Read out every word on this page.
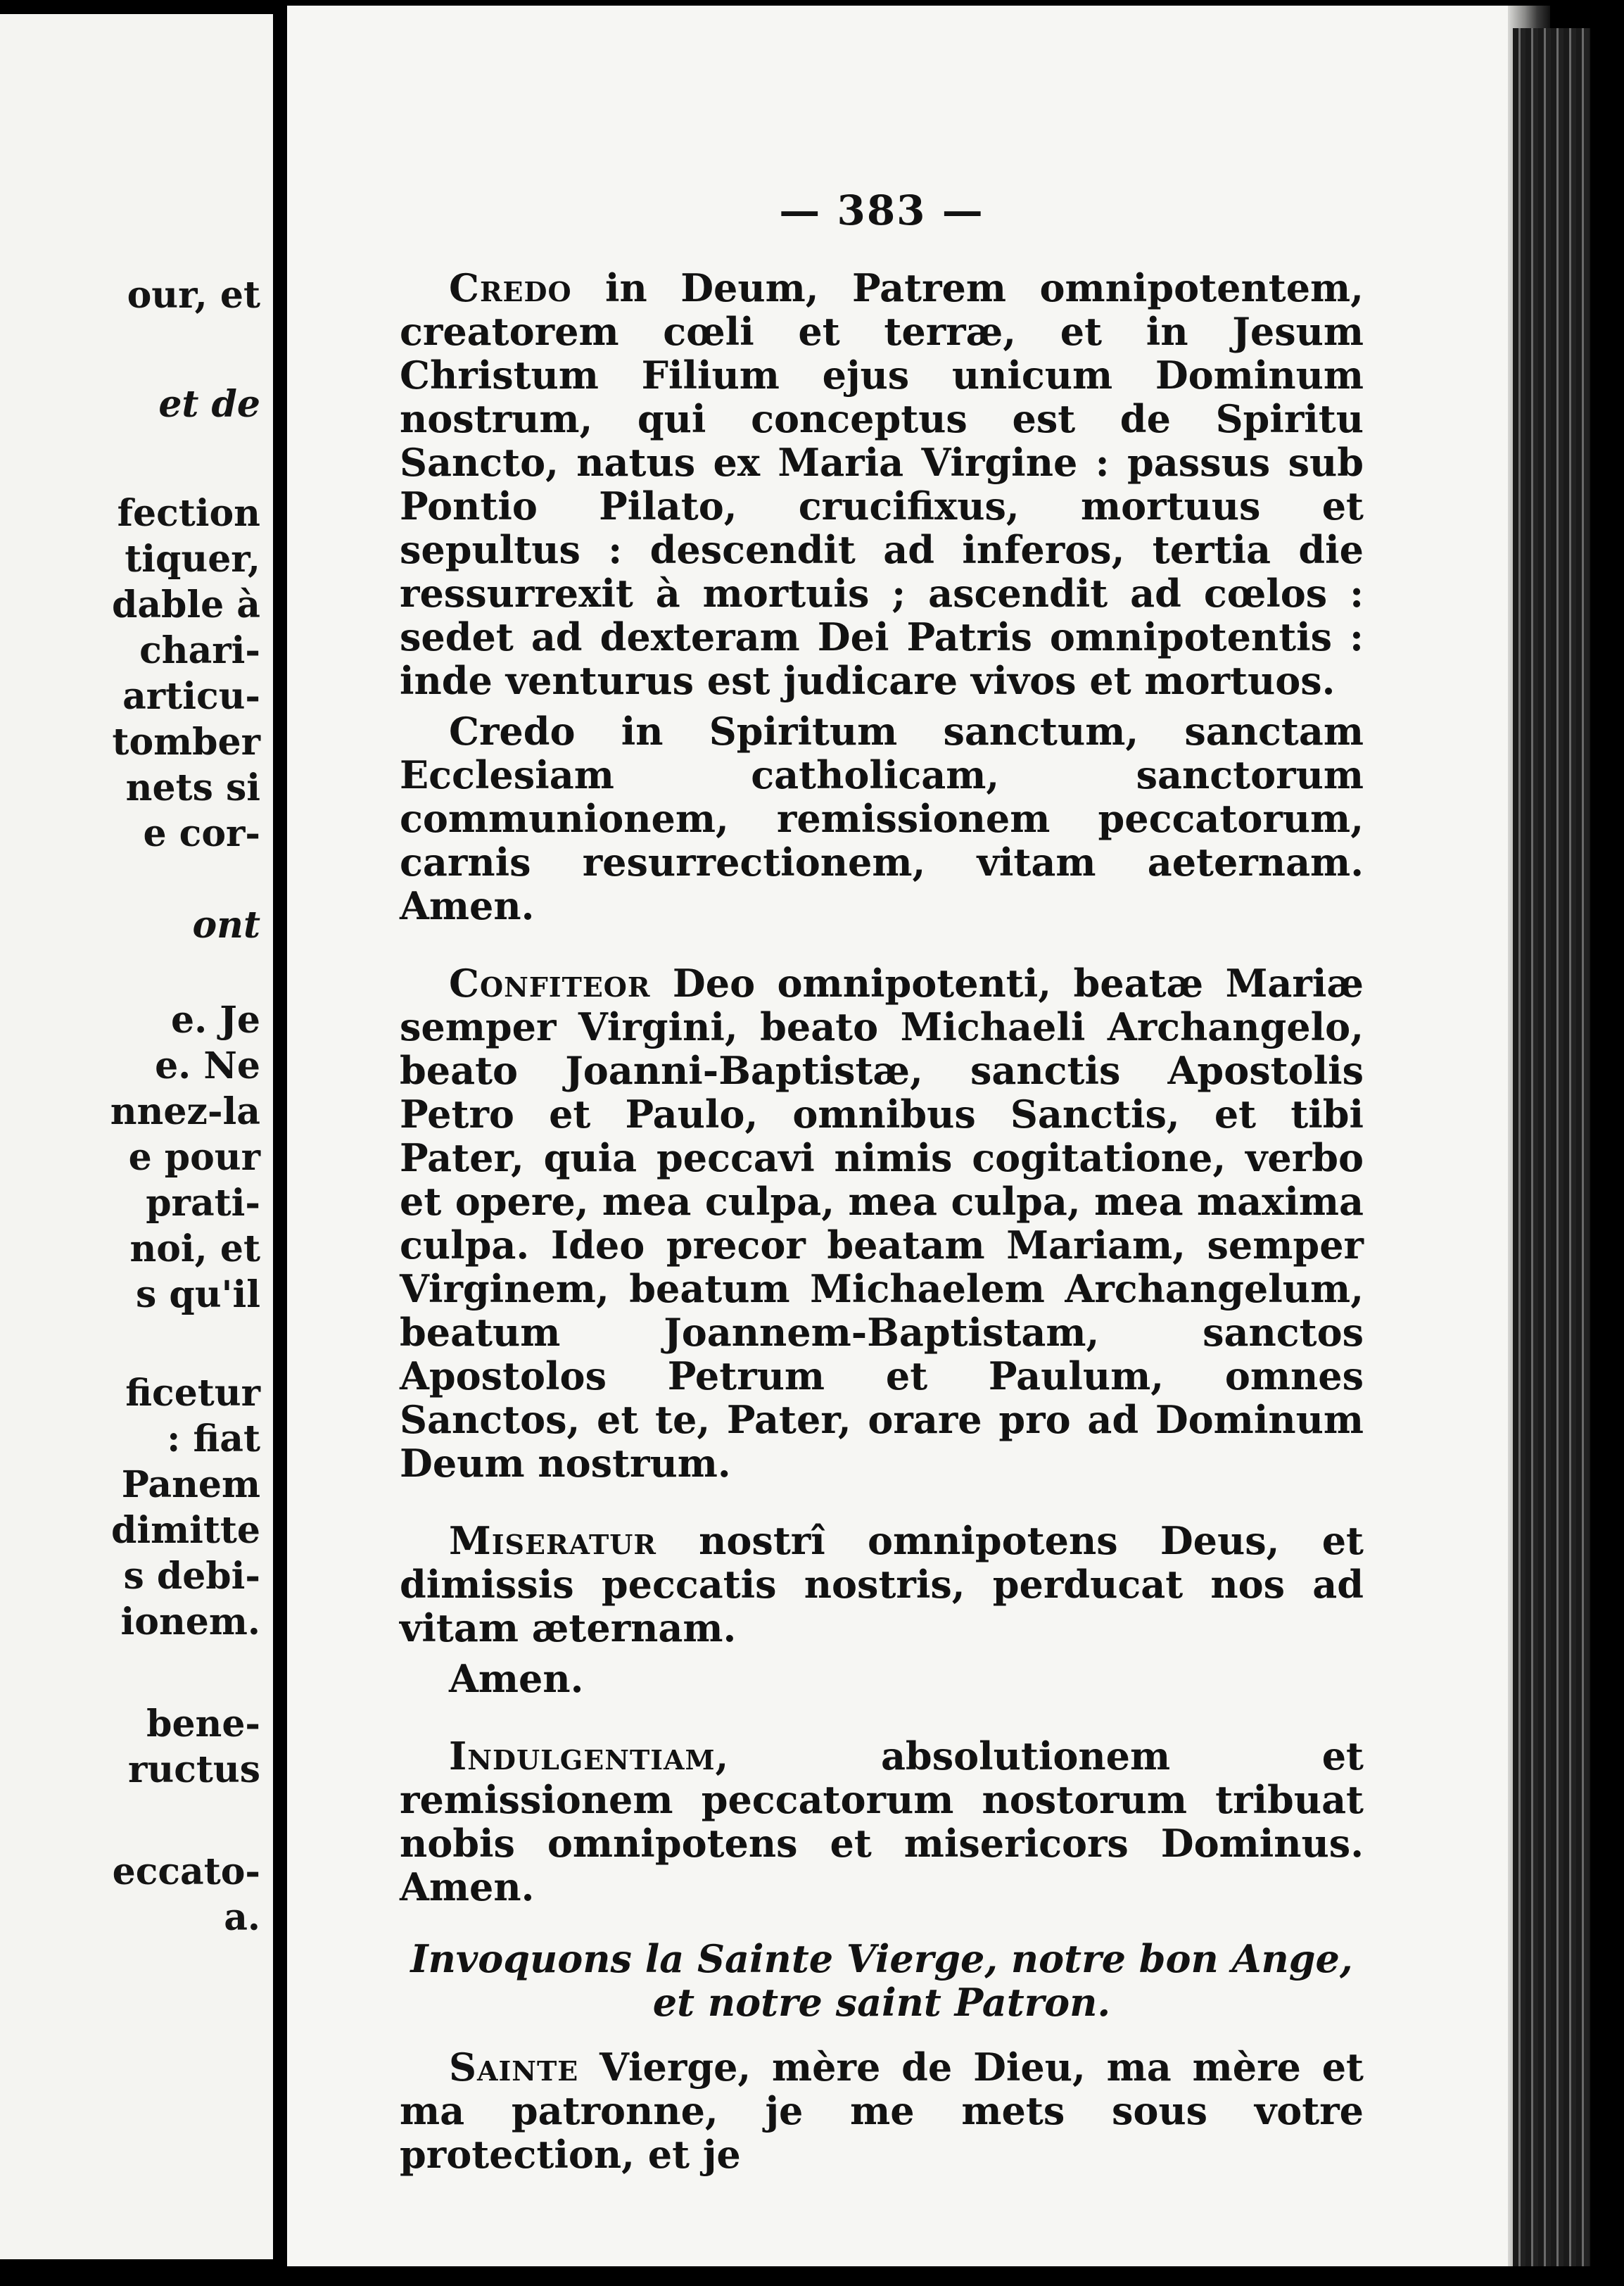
our, et
et de
fection
tiquer,
dable à
chari-
articu-
tomber
nets si
e cor-
ont
e. Je
e. Ne
nnez-la
e pour
prati-
noi, et
s qu'il
ficetur
: fiat
Panem
dimitte
s debi-
ionem.
bene-
ructus
eccato-
a.

— 383 —

Credo in Deum, Patrem omnipotentem, creatorem cœli et terræ, et in Jesum Christum Filium ejus unicum Dominum nostrum, qui conceptus est de Spiritu Sancto, natus ex Maria Virgine : passus sub Pontio Pilato, crucifixus, mortuus et sepultus : descendit ad inferos, tertia die ressurrexit à mortuis ; ascendit ad cœlos : sedet ad dexteram Dei Patris omnipotentis : inde venturus est judicare vivos et mortuos.

Credo in Spiritum sanctum, sanctam Ecclesiam catholicam, sanctorum communionem, remissionem peccatorum, carnis resurrectionem, vitam aeternam. Amen.

Confiteor Deo omnipotenti, beatæ Mariæ semper Virgini, beato Michaeli Archangelo, beato Joanni-Baptistæ, sanctis Apostolis Petro et Paulo, omnibus Sanctis, et tibi Pater, quia peccavi nimis cogitatione, verbo et opere, mea culpa, mea culpa, mea maxima culpa. Ideo precor beatam Mariam, semper Virginem, beatum Michaelem Archangelum, beatum Joannem-Baptistam, sanctos Apostolos Petrum et Paulum, omnes Sanctos, et te, Pater, orare pro ad Dominum Deum nostrum.

Miseratur nostrî omnipotens Deus, et dimissis peccatis nostris, perducat nos ad vitam æternam.

Amen.

Indulgentiam, absolutionem et remissionem peccatorum nostorum tribuat nobis omnipotens et misericors Dominus. Amen.

Invoquons la Sainte Vierge, notre bon Ange, et notre saint Patron.

Sainte Vierge, mère de Dieu, ma mère et ma patronne, je me mets sous votre protection, et je
